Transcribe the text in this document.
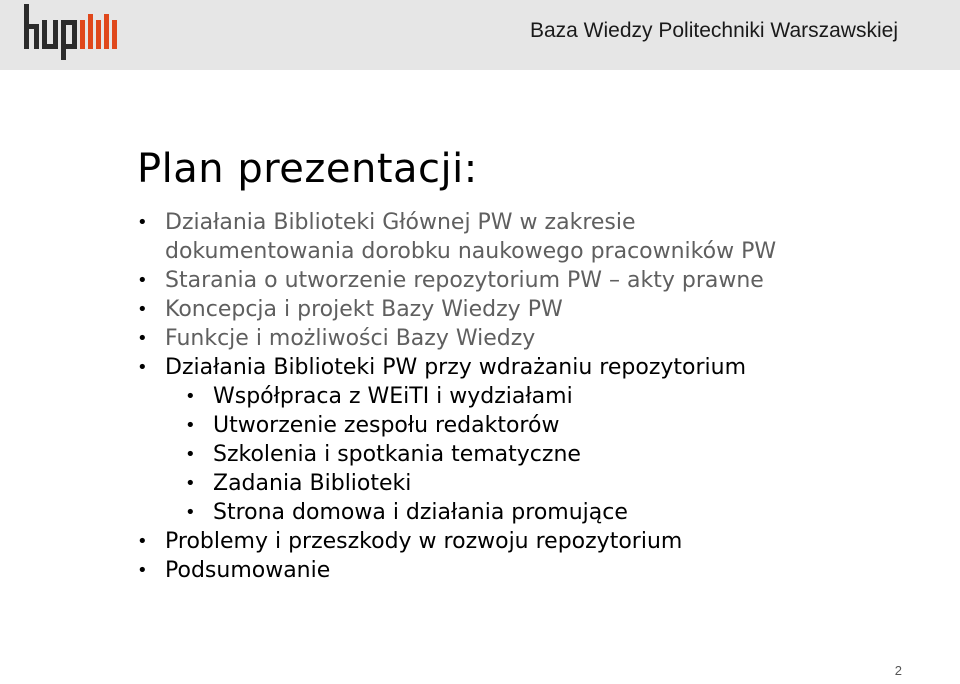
Baza Wiedzy Politechniki Warszawskiej
Plan prezentacji:
• Działania Biblioteki Głównej PW w zakresie
dokumentowania dorobku naukowego pracowników PW
• Starania o utworzenie repozytorium PW – akty prawne
• Koncepcja i projekt Bazy Wiedzy PW
• Funkcje i możliwości Bazy Wiedzy
• Działania Biblioteki PW przy wdrażaniu repozytorium
• Współpraca z WEiTI i wydziałami
• Utworzenie zespołu redaktorów
• Szkolenia i spotkania tematyczne
• Zadania Biblioteki
• Strona domowa i działania promujące
• Problemy i przeszkody w rozwoju repozytorium
• Podsumowanie
2
